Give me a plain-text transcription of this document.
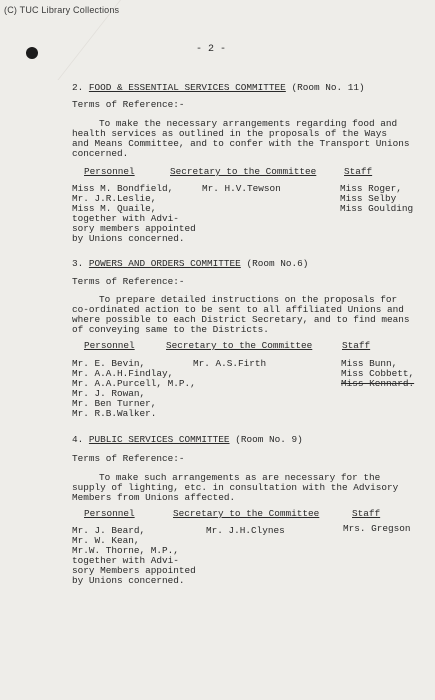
(C) TUC Library Collections
- 2 -
2. FOOD & ESSENTIAL SERVICES COMMITTEE (Room No. 11)
Terms of Reference:-
To make the necessary arrangements regarding food and
health services as outlined in the proposals of the Ways
and Means Committee, and to confer with the Transport Unions
concerned.
Personnel	Secretary to the Committee	Staff
Miss M. Bondfield,
Mr. J.R.Leslie,
Miss M. Quaile,
together with Advi-
sory members appointed
by Unions concerned.
Mr. H.V.Tewson	Miss Roger,
Miss Selby
Miss Goulding
3. POWERS AND ORDERS COMMITTEE (Room No.6)
Terms of Reference:-
To prepare detailed instructions on the proposals for
co-ordinated action to be sent to all affiliated Unions and
where possible to each District Secretary, and to find means
of conveying same to the Districts.
Personnel	Secretary to the Committee	Staff
Mr. E. Bevin,
Mr. A.A.H.Findlay,
Mr. A.A.Purcell, M.P.,
Mr. J. Rowan,
Mr. Ben Turner,
Mr. R.B.Walker.
Mr. A.S.Firth	Miss Bunn,
Miss Cobbett,
Miss Kennard.
4. PUBLIC SERVICES COMMITTEE (Room No. 9)
Terms of Reference:-
To make such arrangements as are necessary for the
supply of lighting, etc. in consultation with the Advisory
Members from Unions affected.
Personnel	Secretary to the Committee	Staff
Mr. J. Beard,
Mr. W. Kean,
Mr.W. Thorne, M.P.,
together with Advi-
sory Members appointed
by Unions concerned.
Mr. J.H.Clynes	Mrs. Gregson
